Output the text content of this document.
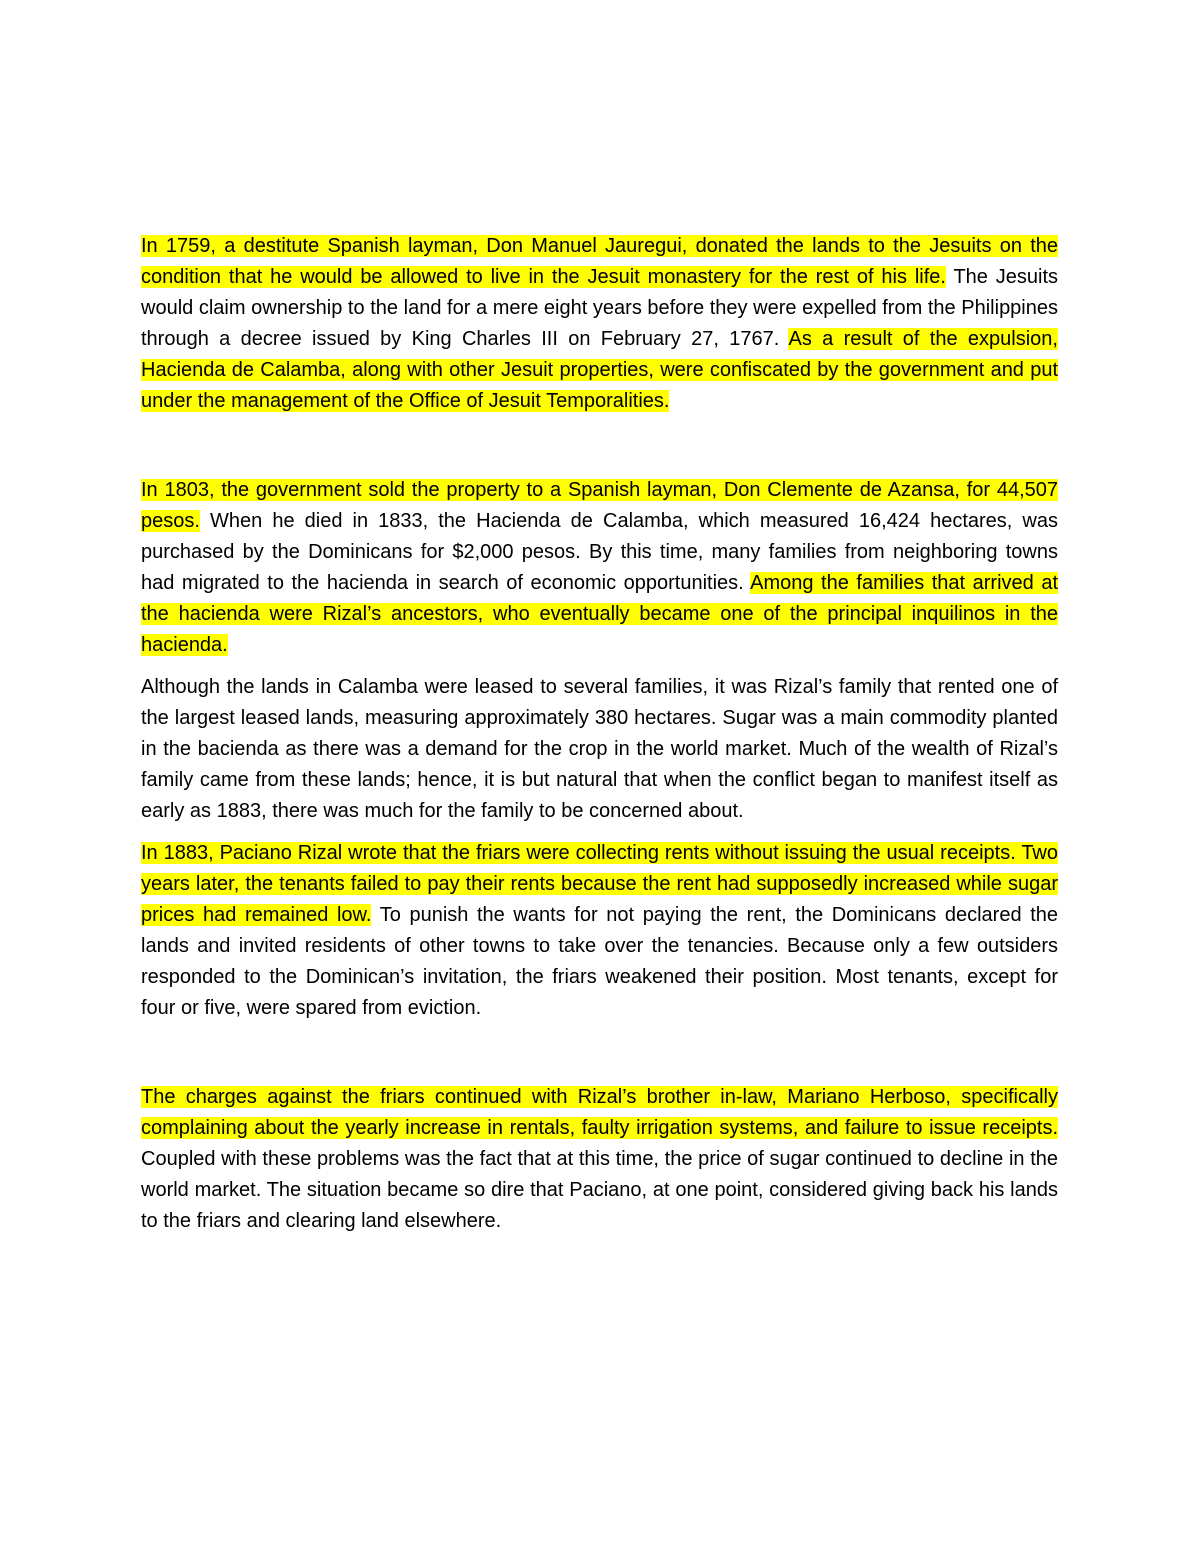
In 1759, a destitute Spanish layman, Don Manuel Jauregui, donated the lands to the Jesuits on the condition that he would be allowed to live in the Jesuit monastery for the rest of his life. The Jesuits would claim ownership to the land for a mere eight years before they were expelled from the Philippines through a decree issued by King Charles III on February 27, 1767. As a result of the expulsion, Hacienda de Calamba, along with other Jesuit properties, were confiscated by the government and put under the management of the Office of Jesuit Temporalities.

In 1803, the government sold the property to a Spanish layman, Don Clemente de Azansa, for 44,507 pesos. When he died in 1833, the Hacienda de Calamba, which measured 16,424 hectares, was purchased by the Dominicans for $2,000 pesos. By this time, many families from neighboring towns had migrated to the hacienda in search of economic opportunities. Among the families that arrived at the hacienda were Rizal’s ancestors, who eventually became one of the principal inquilinos in the hacienda.

Although the lands in Calamba were leased to several families, it was Rizal’s family that rented one of the largest leased lands, measuring approximately 380 hectares. Sugar was a main commodity planted in the bacienda as there was a demand for the crop in the world market. Much of the wealth of Rizal’s family came from these lands; hence, it is but natural that when the conflict began to manifest itself as early as 1883, there was much for the family to be concerned about.

In 1883, Paciano Rizal wrote that the friars were collecting rents without issuing the usual receipts. Two years later, the tenants failed to pay their rents because the rent had supposedly increased while sugar prices had remained low. To punish the wants for not paying the rent, the Dominicans declared the lands and invited residents of other towns to take over the tenancies. Because only a few outsiders responded to the Dominican’s invitation, the friars weakened their position. Most tenants, except for four or five, were spared from eviction.

The charges against the friars continued with Rizal’s brother in-law, Mariano Herboso, specifically complaining about the yearly increase in rentals, faulty irrigation systems, and failure to issue receipts. Coupled with these problems was the fact that at this time, the price of sugar continued to decline in the world market. The situation became so dire that Paciano, at one point, considered giving back his lands to the friars and clearing land elsewhere.
